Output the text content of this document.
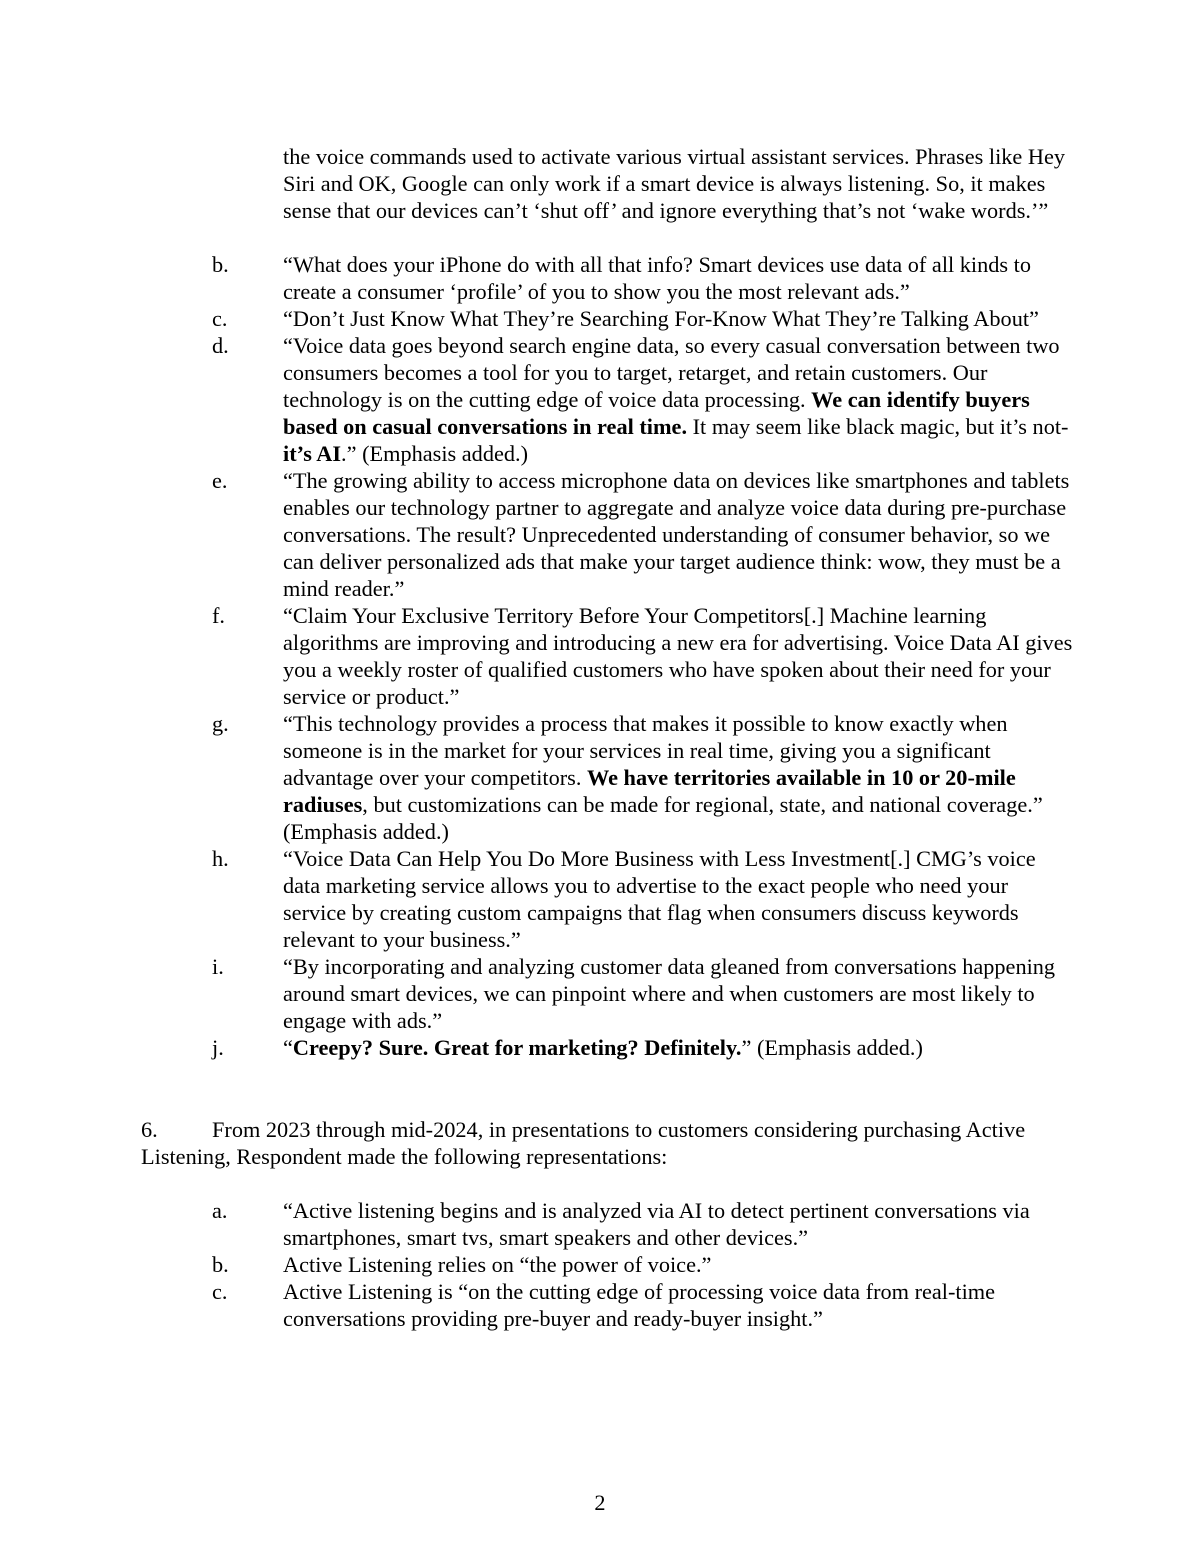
the voice commands used to activate various virtual assistant services. Phrases like Hey Siri and OK, Google can only work if a smart device is always listening. So, it makes sense that our devices can’t ‘shut off’ and ignore everything that’s not ‘wake words.’”
b. “What does your iPhone do with all that info? Smart devices use data of all kinds to create a consumer ‘profile’ of you to show you the most relevant ads.”
c. “Don’t Just Know What They’re Searching For-Know What They’re Talking About”
d. “Voice data goes beyond search engine data, so every casual conversation between two consumers becomes a tool for you to target, retarget, and retain customers. Our technology is on the cutting edge of voice data processing. We can identify buyers based on casual conversations in real time. It may seem like black magic, but it’s not-it’s AI.” (Emphasis added.)
e. “The growing ability to access microphone data on devices like smartphones and tablets enables our technology partner to aggregate and analyze voice data during pre-purchase conversations. The result? Unprecedented understanding of consumer behavior, so we can deliver personalized ads that make your target audience think: wow, they must be a mind reader.”
f.	“Claim Your Exclusive Territory Before Your Competitors[.] Machine learning algorithms are improving and introducing a new era for advertising. Voice Data AI gives you a weekly roster of qualified customers who have spoken about their need for your service or product.”
g. “This technology provides a process that makes it possible to know exactly when someone is in the market for your services in real time, giving you a significant advantage over your competitors. We have territories available in 10 or 20-mile radiuses, but customizations can be made for regional, state, and national coverage.” (Emphasis added.)
h. “Voice Data Can Help You Do More Business with Less Investment[.] CMG’s voice data marketing service allows you to advertise to the exact people who need your service by creating custom campaigns that flag when consumers discuss keywords relevant to your business.”
i.	“By incorporating and analyzing customer data gleaned from conversations happening around smart devices, we can pinpoint where and when customers are most likely to engage with ads.”
j.	“Creepy? Sure. Great for marketing? Definitely.” (Emphasis added.)
6. From 2023 through mid-2024, in presentations to customers considering purchasing Active Listening, Respondent made the following representations:
a. “Active listening begins and is analyzed via AI to detect pertinent conversations via smartphones, smart tvs, smart speakers and other devices.”
b. Active Listening relies on “the power of voice.”
c. Active Listening is “on the cutting edge of processing voice data from real-time conversations providing pre-buyer and ready-buyer insight.”
2
